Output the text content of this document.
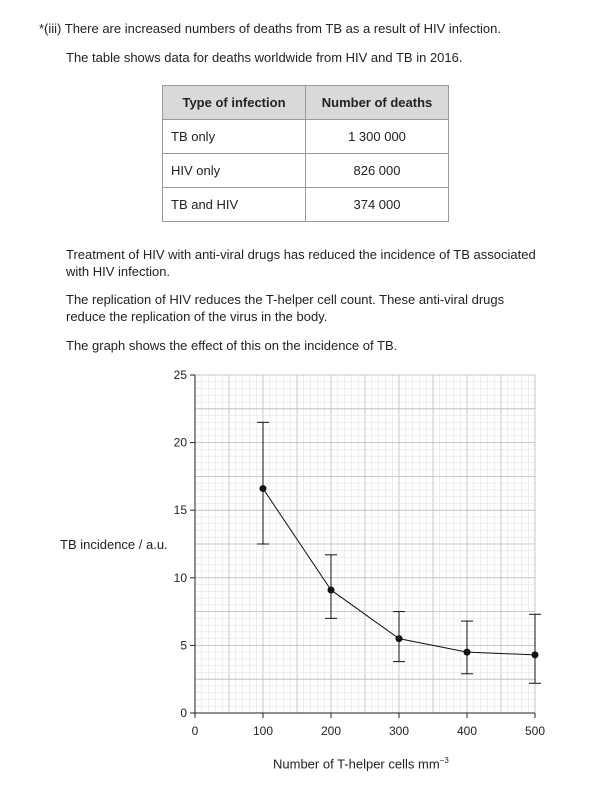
*(iii) There are increased numbers of deaths from TB as a result of HIV infection.
The table shows data for deaths worldwide from HIV and TB in 2016.
Type of infection	Number of deaths
TB only	1 300 000
HIV only	826 000
TB and HIV	374 000
Treatment of HIV with anti-viral drugs has reduced the incidence of TB associated with HIV infection.
The replication of HIV reduces the T-helper cell count. These anti-viral drugs reduce the replication of the virus in the body.
The graph shows the effect of this on the incidence of TB.
0
5
10
15
20
25
0	100	200	300	400	500
TB incidence / a.u.
Number of T-helper cells $mm^{-3}$
